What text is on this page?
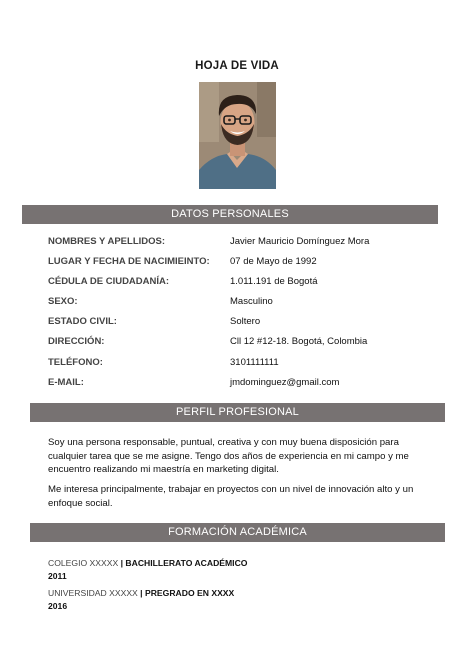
HOJA DE VIDA
DATOS PERSONALES
NOMBRES Y APELLIDOS:	Javier Mauricio Domínguez Mora
LUGAR Y FECHA DE NACIMIEINTO: 07 de Mayo de 1992
CÉDULA DE CIUDADANÍA:	1.011.191 de Bogotá
SEXO:	Masculino
ESTADO CIVIL:	Soltero
DIRECCIÓN:	Cll 12 #12-18. Bogotá, Colombia
TELÉFONO:	3101111111
E-MAIL:	jmdominguez@gmail.com
PERFIL PROFESIONAL
Soy una persona responsable, puntual, creativa y con muy buena disposición para cualquier tarea que se me asigne. Tengo dos años de experiencia en mi campo y me encuentro realizando mi maestría en marketing digital.
Me interesa principalmente, trabajar en proyectos con un nivel de innovación alto y un enfoque social.
FORMACIÓN ACADÉMICA
COLEGIO XXXXX | BACHILLERATO ACADÉMICO
2011
UNIVERSIDAD XXXXX | PREGRADO EN XXXX
2016
